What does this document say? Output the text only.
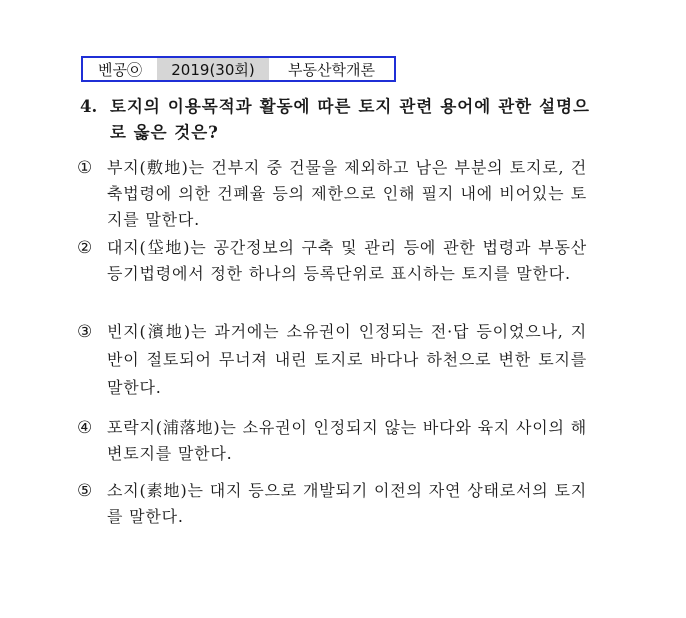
벤공㉧	2019(30회)	부동산학개론
4. 토지의 이용목적과 활동에 따른 토지 관련 용어에 관한 설명으로 옳은 것은?
① 부지(敷地)는 건부지 중 건물을 제외하고 남은 부분의 토지로, 건축법령에 의한 건폐율 등의 제한으로 인해 필지 내에 비어있는 토지를 말한다.
② 대지(垈地)는 공간정보의 구축 및 관리 등에 관한 법령과 부동산등기법령에서 정한 하나의 등록단위로 표시하는 토지를 말한다.
③ 빈지(濱地)는 과거에는 소유권이 인정되는 전·답 등이었으나, 지반이 절토되어 무너져 내린 토지로 바다나 하천으로 변한 토지를 말한다.
④ 포락지(浦落地)는 소유권이 인정되지 않는 바다와 육지 사이의 해변토지를 말한다.
⑤ 소지(素地)는 대지 등으로 개발되기 이전의 자연 상태로서의 토지를 말한다.
